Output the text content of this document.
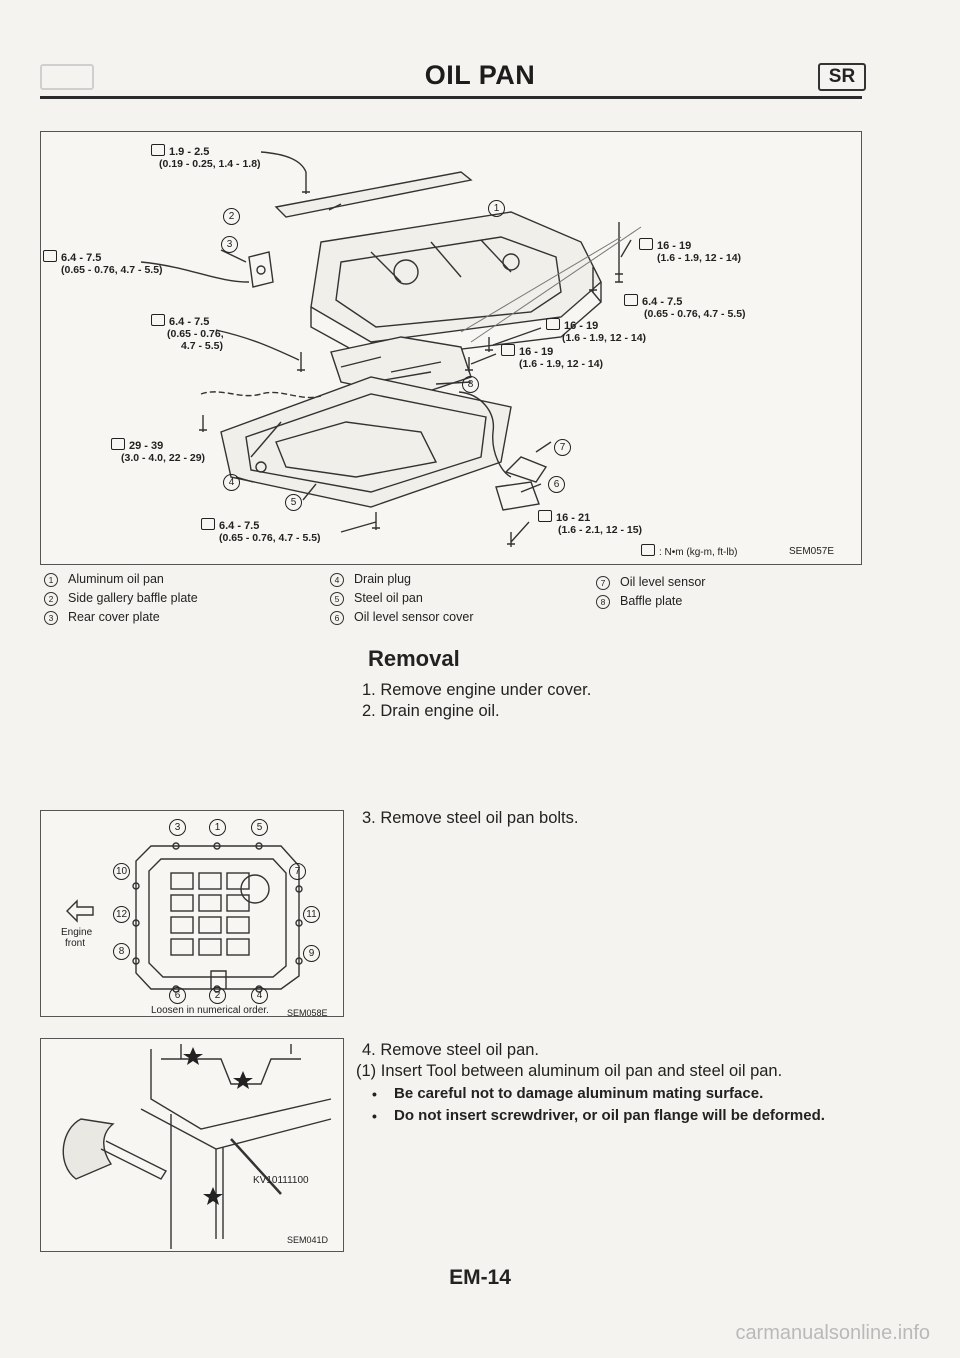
OIL PAN	SR
1.9 - 2.5
(0.19 - 0.25, 1.4 - 1.8)
6.4 - 7.5
(0.65 - 0.76, 4.7 - 5.5)
6.4 - 7.5
(0.65 - 0.76,
4.7 - 5.5)
16 - 19
(1.6 - 1.9, 12 - 14)
6.4 - 7.5
(0.65 - 0.76, 4.7 - 5.5)
16 - 19
(1.6 - 1.9, 12 - 14)
16 - 19
(1.6 - 1.9, 12 - 14)
29 - 39
(3.0 - 4.0, 22 - 29)
6.4 - 7.5
(0.65 - 0.76, 4.7 - 5.5)
16 - 21
(1.6 - 2.1, 12 - 15)
1
2
3
4
5
6
7
8
: N•m (kg-m, ft-lb)	SEM057E
1 Aluminum oil pan
2 Side gallery baffle plate
3 Rear cover plate
4 Drain plug
5 Steel oil pan
6 Oil level sensor cover
7 Oil level sensor
8 Baffle plate
Removal
1. Remove engine under cover.
2. Drain engine oil.
3. Remove steel oil pan bolts.
4. Remove steel oil pan.
(1) Insert Tool between aluminum oil pan and steel oil pan.
• Be careful not to damage aluminum mating surface.
• Do not insert screwdriver, or oil pan flange will be deformed.
3	1	5
10	7
12	11
8	9
6	2	4
Engine
front
Loosen in numerical order. SEM058E
KV10111100
SEM041D
EM-14
carmanualsonline.info
